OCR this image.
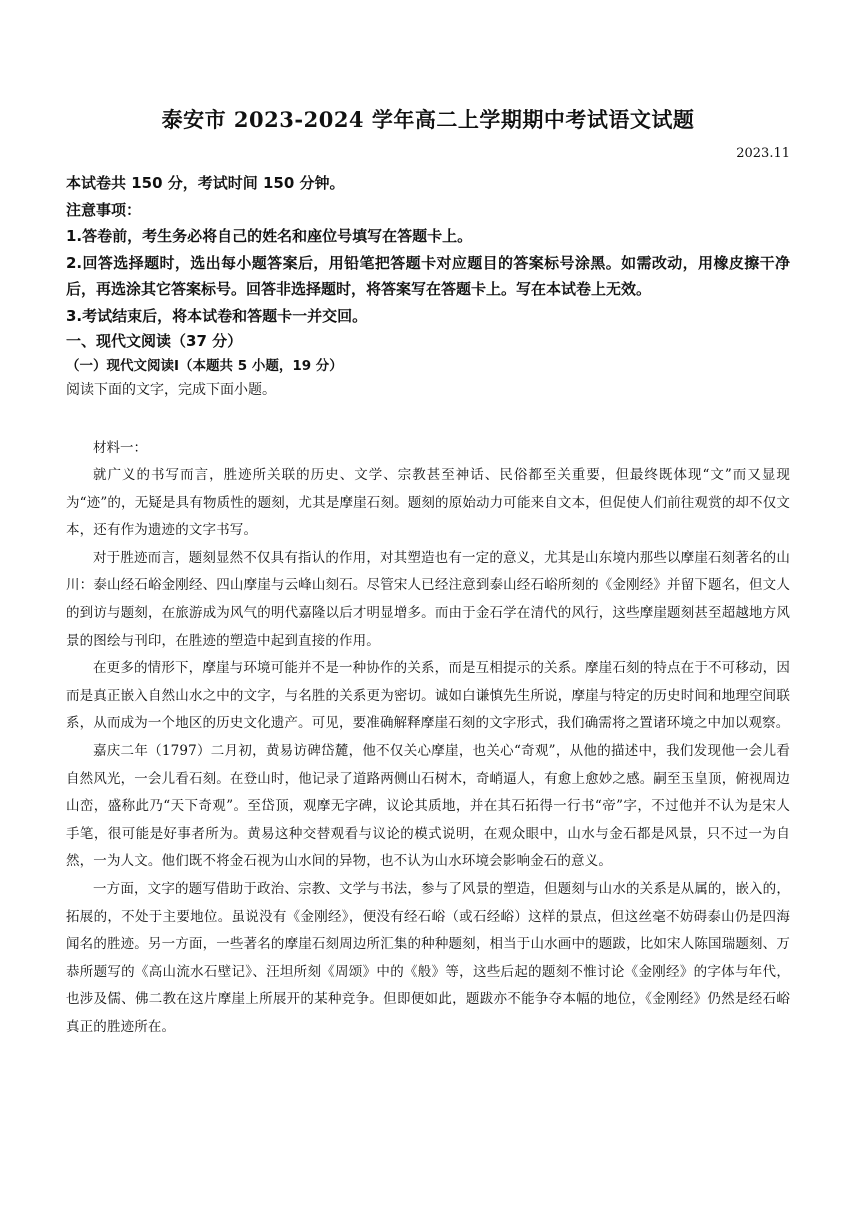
泰安市 2023-2024 学年高二上学期期中考试语文试题
2023.11

本试卷共 150 分，考试时间 150 分钟。

注意事项：

1.答卷前，考生务必将自己的姓名和座位号填写在答题卡上。

2.回答选择题时，选出每小题答案后，用铅笔把答题卡对应题目的答案标号涂黑。如需改动，用橡皮擦干净后，再选涂其它答案标号。回答非选择题时，将答案写在答题卡上。写在本试卷上无效。

3.考试结束后，将本试卷和答题卡一并交回。

一、现代文阅读（37 分）

（一）现代文阅读Ⅰ（本题共 5 小题，19 分）

阅读下面的文字，完成下面小题。

材料一：

就广义的书写而言，胜迹所关联的历史、文学、宗教甚至神话、民俗都至关重要，但最终既体现“文”而又显现为“迹”的，无疑是具有物质性的题刻，尤其是摩崖石刻。题刻的原始动力可能来自文本，但促使人们前往观赏的却不仅文本，还有作为遗迹的文字书写。

对于胜迹而言，题刻显然不仅具有指认的作用，对其塑造也有一定的意义，尤其是山东境内那些以摩崖石刻著名的山川：泰山经石峪金刚经、四山摩崖与云峰山刻石。尽管宋人已经注意到泰山经石峪所刻的《金刚经》并留下题名，但文人的到访与题刻，在旅游成为风气的明代嘉隆以后才明显增多。而由于金石学在清代的风行，这些摩崖题刻甚至超越地方风景的图绘与刊印，在胜迹的塑造中起到直接的作用。

在更多的情形下，摩崖与环境可能并不是一种协作的关系，而是互相提示的关系。摩崖石刻的特点在于不可移动，因而是真正嵌入自然山水之中的文字，与名胜的关系更为密切。诚如白谦慎先生所说，摩崖与特定的历史时间和地理空间联系，从而成为一个地区的历史文化遗产。可见，要准确解释摩崖石刻的文字形式，我们确需将之置诸环境之中加以观察。

嘉庆二年（1797）二月初，黄易访碑岱麓，他不仅关心摩崖，也关心“奇观”，从他的描述中，我们发现他一会儿看自然风光，一会儿看石刻。在登山时，他记录了道路两侧山石树木，奇峭逼人，有愈上愈妙之感。嗣至玉皇顶，俯视周边山峦，盛称此乃“天下奇观”。至岱顶，观摩无字碑，议论其质地，并在其石拓得一行书“帝”字，不过他并不认为是宋人手笔，很可能是好事者所为。黄易这种交替观看与议论的模式说明，在观众眼中，山水与金石都是风景，只不过一为自然，一为人文。他们既不将金石视为山水间的异物，也不认为山水环境会影响金石的意义。

一方面，文字的题写借助于政治、宗教、文学与书法，参与了风景的塑造，但题刻与山水的关系是从属的，嵌入的，拓展的，不处于主要地位。虽说没有《金刚经》，便没有经石峪（或石经峪）这样的景点，但这丝毫不妨碍泰山仍是四海闻名的胜迹。另一方面，一些著名的摩崖石刻周边所汇集的种种题刻，相当于山水画中的题跋，比如宋人陈国瑞题刻、万恭所题写的《高山流水石壁记》、汪坦所刻《周颂》中的《般》等，这些后起的题刻不惟讨论《金刚经》的字体与年代，也涉及儒、佛二教在这片摩崖上所展开的某种竞争。但即便如此，题跋亦不能争夺本幅的地位，《金刚经》仍然是经石峪真正的胜迹所在。
